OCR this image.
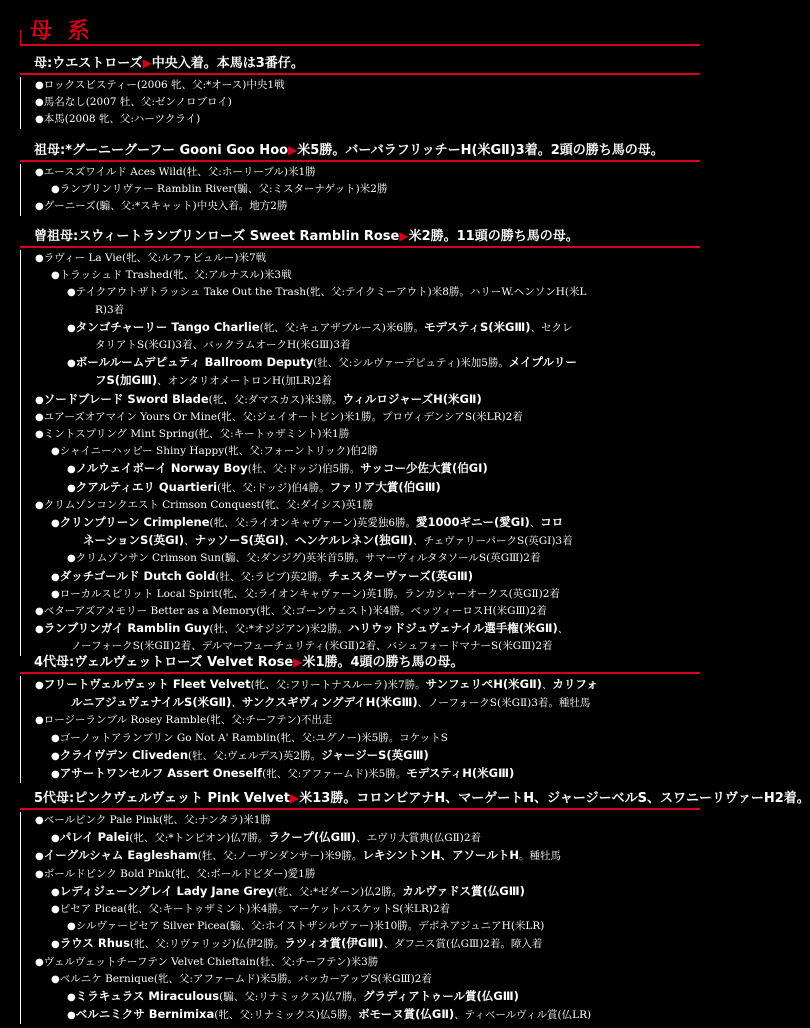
母 系
母:ウエストローズ▶中央入着。本馬は3番仔。
●ロックスビスティー(2006 牝、父:*オース)中央1戦
●馬名なし(2007 牡、父:ゼンノロブロイ)
●本馬(2008 牝、父:ハーツクライ)
祖母:*グーニーグーフー Gooni Goo Hoo▶米5勝。バーバラフリッチーH(米GⅡ)3着。2頭の勝ち馬の母。
●エースズワイルド Aces Wild(牡、父:ホーリーブル)米1勝
●ランブリンリヴァー Ramblin River(騸、父:ミスターナゲット)米2勝
●グーニーズ(騸、父:*スキャット)中央入着。地方2勝
曾祖母:スウィートランブリンローズ Sweet Ramblin Rose▶米2勝。11頭の勝ち馬の母。
●ラヴィー La Vie(牝、父:ルファビュルー)米7戦
●トラッシュド Trashed(牝、父:アルナスル)米3戦
●テイクアウトザトラッシュ Take Out the Trash(牝、父:テイクミーアウト)米8勝。ハリーW.ヘンソンH(米L
R)3着
●タンゴチャーリー Tango Charlie(牝、父:キュアザブルース)米6勝。モデスティS(米GⅢ)、セクレ
タリアトS(米GⅠ)3着、バックラムオークH(米GⅢ)3着
●ボールルームデピュティ Ballroom Deputy(牡、父:シルヴァーデピュティ)米加5勝。メイプルリー
フS(加GⅢ)、オンタリオメートロンH(加LR)2着
●ソードブレード Sword Blade(牝、父:ダマスカス)米3勝。ウィルロジャーズH(米GⅡ)
●ユアーズオアマイン Yours Or Mine(牝、父:ジェイオートビン)米1勝。プロヴィデンシアS(米LR)2着
●ミントスプリング Mint Spring(牝、父:キートゥザミント)米1勝
●シャイニーハッピー Shiny Happy(牝、父:フォーントリック)伯2勝
●ノルウェイボーイ Norway Boy(牡、父:ドッジ)伯5勝。サッコー少佐大賞(伯GⅠ)
●クアルティエリ Quartieri(牝、父:ドッジ)伯4勝。ファリア大賞(伯GⅢ)
●クリムゾンコンクエスト Crimson Conquest(牝、父:ダイシス)英1勝
●クリンプリーン Crimplene(牝、父:ライオンキャヴァーン)英愛独6勝。愛1000ギニー(愛GⅠ)、コロ
ネーションS(英GⅠ)、ナッソーS(英GⅠ)、ヘンケルレネン(独GⅡ)、チェヴァリーパークS(英GⅠ)3着
●クリムゾンサン Crimson Sun(騸、父:ダンジグ)英米首5勝。サマーヴィルタタソールS(英GⅢ)2着
●ダッチゴールド Dutch Gold(牡、父:ラビブ)英2勝。チェスターヴァーズ(英GⅢ)
●ローカルスピリット Local Spirit(牝、父:ライオンキャヴァーン)英1勝。ランカシャーオークス(英GⅡ)2着
●ベターアズアメモリー Better as a Memory(牝、父:ゴーンウェスト)米4勝。ベッツィーロスH(米GⅢ)2着
●ランブリンガイ Ramblin Guy(牡、父:*オジジアン)米2勝。ハリウッドジュヴェナイル選手権(米GⅡ)、
ノーフォークS(米GⅡ)2着、デルマーフューチュリティ(米GⅡ)2着、バシュフォードマナーS(米GⅢ)2着
4代母:ヴェルヴェットローズ Velvet Rose▶米1勝。4頭の勝ち馬の母。
●フリートヴェルヴェット Fleet Velvet(牝、父:フリートナスルーラ)米7勝。サンフェリペH(米GⅡ)、カリフォ
ルニアジュヴェナイルS(米GⅡ)、サンクスギヴィングデイH(米GⅢ)、ノーフォークS(米GⅡ)3着。種牡馬
●ロージーランブル Rosey Ramble(牝、父:チーフテン)不出走
●ゴーノットアランブリン Go Not A' Ramblin(牝、父:ユグノー)米5勝。コケットS
●クライヴデン Cliveden(牡、父:ヴェルデス)英2勝。ジャージーS(英GⅢ)
●アサートワンセルフ Assert Oneself(牝、父:アファームド)米5勝。モデスティH(米GⅢ)
5代母:ピンクヴェルヴェット Pink Velvet▶米13勝。コロンビアナH、マーゲートH、ジャージーベルS、スワニーリヴァーH2着。
●ベールピンク Pale Pink(牝、父:ナンタラ)米1勝
●パレイ Palei(牝、父:*トンビオン)仏7勝。ラクープ(仏GⅢ)、エヴリ大賞典(仏GⅡ)2着
●イーグルシャム Eaglesham(牡、父:ノーザンダンサー)米9勝。レキシントンH、アソールトH。種牡馬
●ボールドピンク Bold Pink(牝、父:ボールドビダー)愛1勝
●レディジェーングレイ Lady Jane Grey(牝、父:*ゼダーン)仏2勝。カルヴァドス賞(仏GⅢ)
●ピセア Picea(牝、父:キートゥザミント)米4勝。マーケットバスケットS(米LR)2着
●シルヴァーピセア Silver Picea(騸、父:ホイストザシルヴァー)米10勝。デボネアジュニアH(米LR)
●ラウス Rhus(牝、父:リヴァリッジ)仏伊2勝。ラツィオ賞(伊GⅢ)、ダフニス賞(仏GⅢ)2着。障入着
●ヴェルヴェットチーフテン Velvet Chieftain(牡、父:チーフテン)米3勝
●ベルニケ Bernique(牝、父:アファームド)米5勝。バッカーアップS(米GⅢ)2着
●ミラキュラス Miraculous(騸、父:リナミックス)仏7勝。グラディアトゥール賞(仏GⅢ)
●ベルニミクサ Bernimixa(牝、父:リナミックス)仏5勝。ボモーヌ賞(仏GⅡ)、ティベールヴィル賞(仏LR)
